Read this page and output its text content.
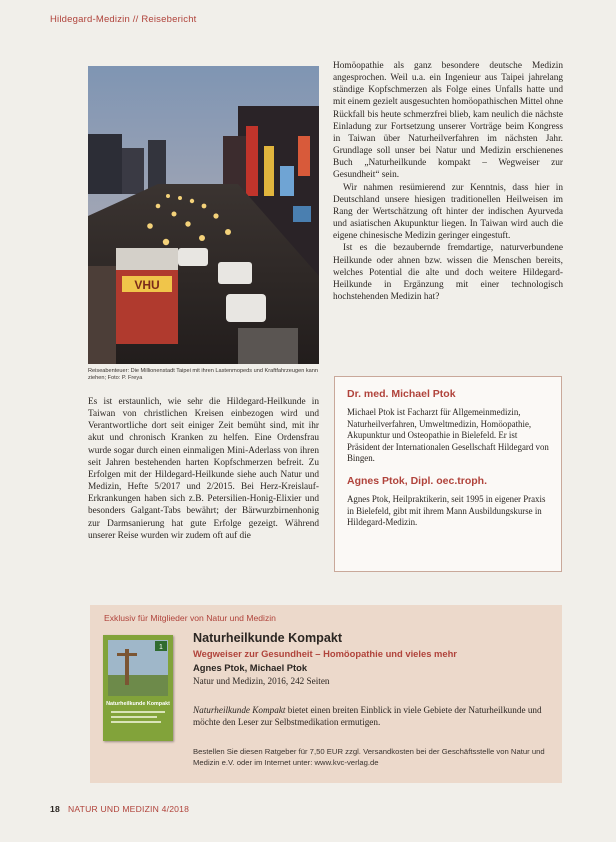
Hildegard-Medizin // Reisebericht
VHU
Reiseabenteuer: Die Millionenstadt Taipei mit ihren Lastenmopeds und Kraftfahrzeugen kann ziehen; Foto: P. Freya

Es ist erstaunlich, wie sehr die Hildegard-Heilkunde in Taiwan von christlichen Kreisen einbezogen wird und Verantwortliche dort seit einiger Zeit bemüht sind, mit ihr akut und chronisch Kranken zu helfen. Eine Ordensfrau wurde sogar durch einen einmaligen Mini-Aderlass von ihren seit Jahren bestehenden harten Kopfschmerzen befreit. Zu Erfolgen mit der Hildegard-Heilkunde siehe auch Natur und Medizin, Hefte 5/2017 und 2/2015. Bei Herz-Kreislauf-Erkrankungen haben sich z.B. Petersilien-Honig-Elixier und besonders Galgant-Tabs bewährt; der Bärwurzbirnenhonig zur Darmsanierung hat gute Erfolge gezeigt. Während unserer Reise wurden wir zudem oft auf die

Homöopathie als ganz besondere deutsche Medizin angesprochen. Weil u.a. ein Ingenieur aus Taipei jahrelang ständige Kopfschmerzen als Folge eines Unfalls hatte und mit einem gezielt ausgesuchten homöopathischen Mittel ohne Rückfall bis heute schmerzfrei blieb, kam neulich die nächste Einladung zur Fortsetzung unserer Vorträge beim Kongress in Taiwan über Naturheilverfahren im nächsten Jahr. Grundlage soll unser bei Natur und Medizin erschienenes Buch „Naturheilkunde kompakt – Wegweiser zur Gesundheit“ sein.

Wir nahmen resümierend zur Kenntnis, dass hier in Deutschland unsere hiesigen traditionellen Heilweisen im Rang der Wertschätzung oft hinter der indischen Ayurveda und asiatischen Akupunktur liegen. In Taiwan wird auch die eigene chinesische Medizin geringer eingestuft.

Ist es die bezaubernde fremdartige, naturverbundene Heilkunde oder ahnen bzw. wissen die Menschen bereits, welches Potential die alte und doch weitere Hildegard-Heilkunde in Ergänzung mit einer technologisch hochstehenden Medizin hat?

Dr. med. Michael Ptok

Michael Ptok ist Facharzt für Allgemeinmedizin, Naturheilverfahren, Umweltmedizin, Homöopathie, Akupunktur und Osteopathie in Bielefeld. Er ist Präsident der Internationalen Gesellschaft Hildegard von Bingen.

Agnes Ptok, Dipl. oec.troph.

Agnes Ptok, Heilpraktikerin, seit 1995 in eigener Praxis in Bielefeld, gibt mit ihrem Mann Ausbildungskurse in Hildegard-Medizin.

Exklusiv für Mitglieder von Natur und Medizin
1
Naturheilkunde Kompakt
Naturheilkunde Kompakt
Wegweiser zur Gesundheit – Homöopathie und vieles mehr
Agnes Ptok, Michael Ptok
Natur und Medizin, 2016, 242 Seiten
Naturheilkunde Kompakt bietet einen breiten Einblick in viele Gebiete der Naturheilkunde und möchte den Leser zur Selbstmedikation ermutigen.
Bestellen Sie diesen Ratgeber für 7,50 EUR zzgl. Versandkosten bei der Geschäftsstelle von Natur und Medizin e.V. oder im Internet unter: www.kvc-verlag.de
18 NATUR UND MEDIZIN 4/2018
